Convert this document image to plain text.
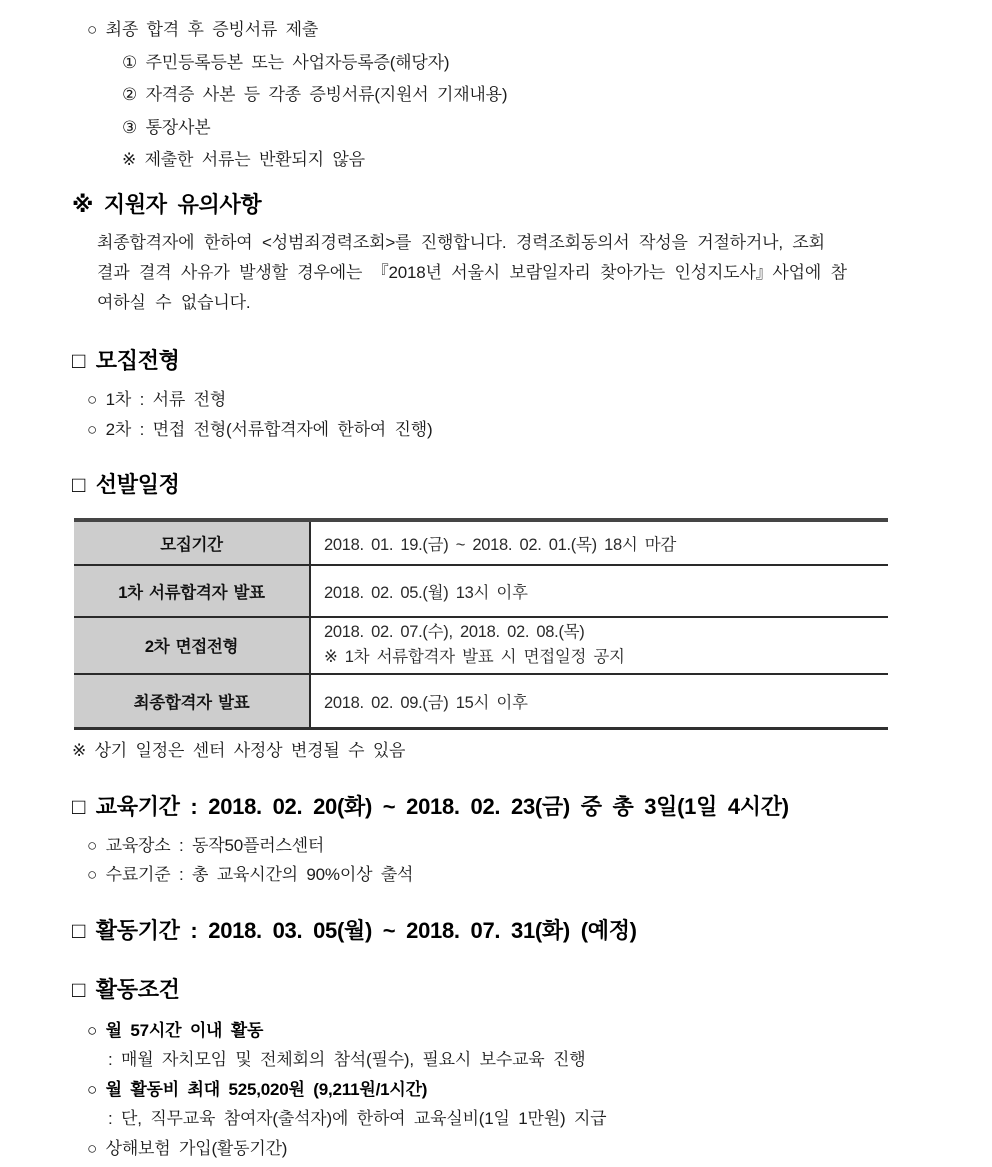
○ 최종 합격 후 증빙서류 제출
① 주민등록등본 또는 사업자등록증(해당자)
② 자격증 사본 등 각종 증빙서류(지원서 기재내용)
③ 통장사본
※ 제출한 서류는 반환되지 않음
※ 지원자 유의사항
최종합격자에 한하여 <성범죄경력조회>를 진행합니다. 경력조회동의서 작성을 거절하거나, 조회
결과 결격 사유가 발생할 경우에는 『2018년 서울시 보람일자리 찾아가는 인성지도사』사업에 참
여하실 수 없습니다.
□ 모집전형
○ 1차 : 서류 전형
○ 2차 : 면접 전형(서류합격자에 한하여 진행)
□ 선발일정
모집기간	2018. 01. 19.(금) ~ 2018. 02. 01.(목) 18시 마감
1차 서류합격자 발표	2018. 02. 05.(월) 13시 이후
2차 면접전형	2018. 02. 07.(수), 2018. 02. 08.(목)
※ 1차 서류합격자 발표 시 면접일정 공지

최종합격자 발표	2018. 02. 09.(금) 15시 이후
※ 상기 일정은 센터 사정상 변경될 수 있음
□ 교육기간 : 2018. 02. 20(화) ~ 2018. 02. 23(금) 중 총 3일(1일 4시간)
○ 교육장소 : 동작50플러스센터
○ 수료기준 : 총 교육시간의 90%이상 출석
□ 활동기간 : 2018. 03. 05(월) ~ 2018. 07. 31(화) (예정)
□ 활동조건
○ 월 57시간 이내 활동
: 매월 자치모임 및 전체회의 참석(필수), 필요시 보수교육 진행
○ 월 활동비 최대 525,020원 (9,211원/1시간)
: 단, 직무교육 참여자(출석자)에 한하여 교육실비(1일 1만원) 지급
○ 상해보험 가입(활동기간)
